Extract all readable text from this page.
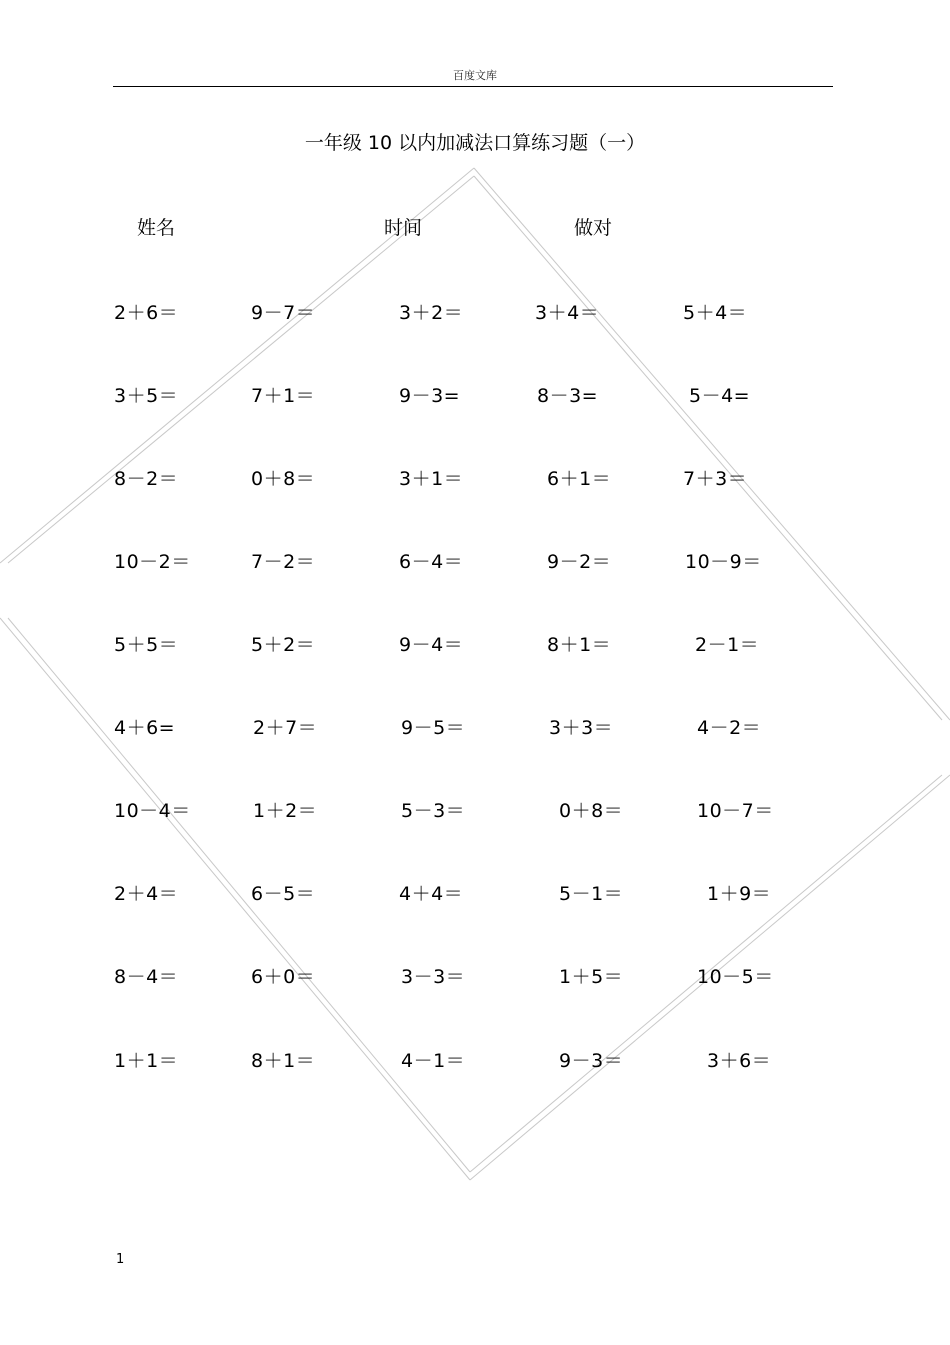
百度文库
一年级 10 以内加减法口算练习题（一）
姓名	时间	做对
2＋6＝	9－7＝	3＋2＝	3＋4＝	5＋4＝
3＋5＝	7＋1＝	9－3=	8－3=	5－4=
8－2＝	0＋8＝	3＋1＝	6＋1＝	7＋3＝
10－2＝	7－2＝	6－4＝	9－2＝	10－9＝
5＋5＝	5＋2＝	9－4＝	8＋1＝	2－1＝
4＋6=	2＋7＝	9－5＝	3＋3＝	4－2＝
10－4＝	1＋2＝	5－3＝	0＋8＝	10－7＝
2＋4＝	6－5＝	4＋4＝	5－1＝	1＋9＝
8－4＝	6＋0＝	3－3＝	1＋5＝	10－5＝
1＋1＝	8＋1＝	4－1＝	9－3＝	3＋6＝
1
